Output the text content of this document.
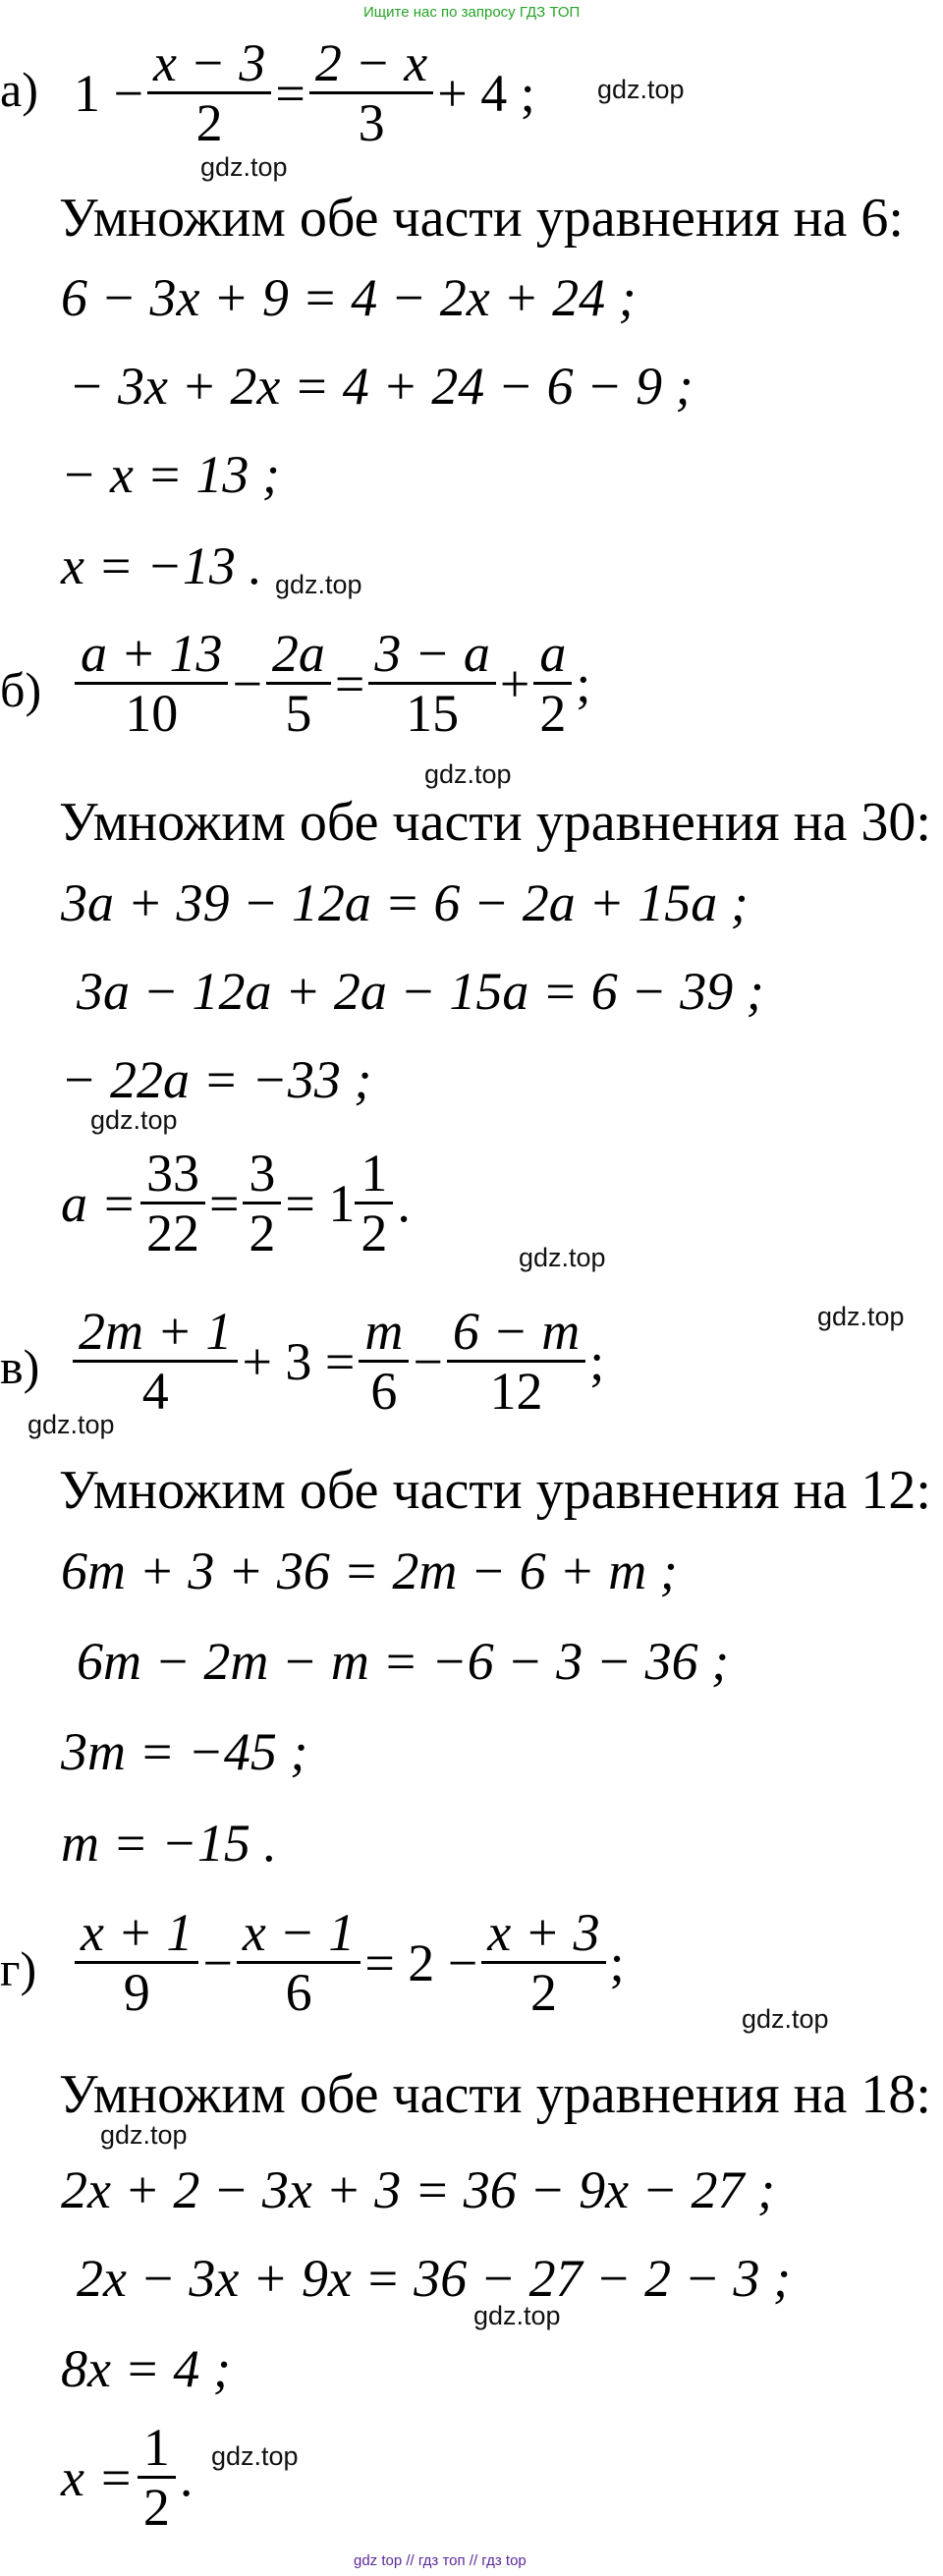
Ищите нас по запросу ГДЗ ТОП
gdz top // гдз топ // гдз top
а) $1 - \frac{x - 3}{2} = \frac{2 - x}{3} + 4$ ; gdz.top
gdz.top
Умножим обе части уравнения на 6:
6 − 3x + 9 = 4 − 2x + 24 ;
− 3x + 2x = 4 + 24 − 6 − 9 ;
− x = 13 ;
x = −13 . gdz.top
$б) \frac{a + 13}{10} - \frac{2a}{5} = \frac{3 - a}{15} + \frac{a}{2}$ ;
gdz.top
Умножим обе части уравнения на 30:
3a + 39 − 12a = 6 − 2a + 15a ;
3a − 12a + 2a − 15a = 6 − 39 ;
− 22a = −33 ;
gdz.top
$a = \frac{33}{22} = \frac{3}{2} = 1 \frac{1}{2}$ .
gdz.top
gdz.top
$в) \frac{2m + 1}{4} + 3 = \frac{m}{6} - \frac{6 - m}{12}$ ;
gdz.top
Умножим обе части уравнения на 12:
6m + 3 + 36 = 2m − 6 + m ;
6m − 2m − m = −6 − 3 − 36 ;
3m = −45 ;
m = −15 .
$г) \frac{x + 1}{9} - \frac{x - 1}{6} = 2 - \frac{x + 3}{2}$ ;
gdz.top
Умножим обе части уравнения на 18:
gdz.top
2x + 2 − 3x + 3 = 36 − 9x − 27 ;
2x − 3x + 9x = 36 − 27 − 2 − 3 ;
gdz.top
8x = 4 ;
$x = \frac{1}{2}$ . gdz.top
